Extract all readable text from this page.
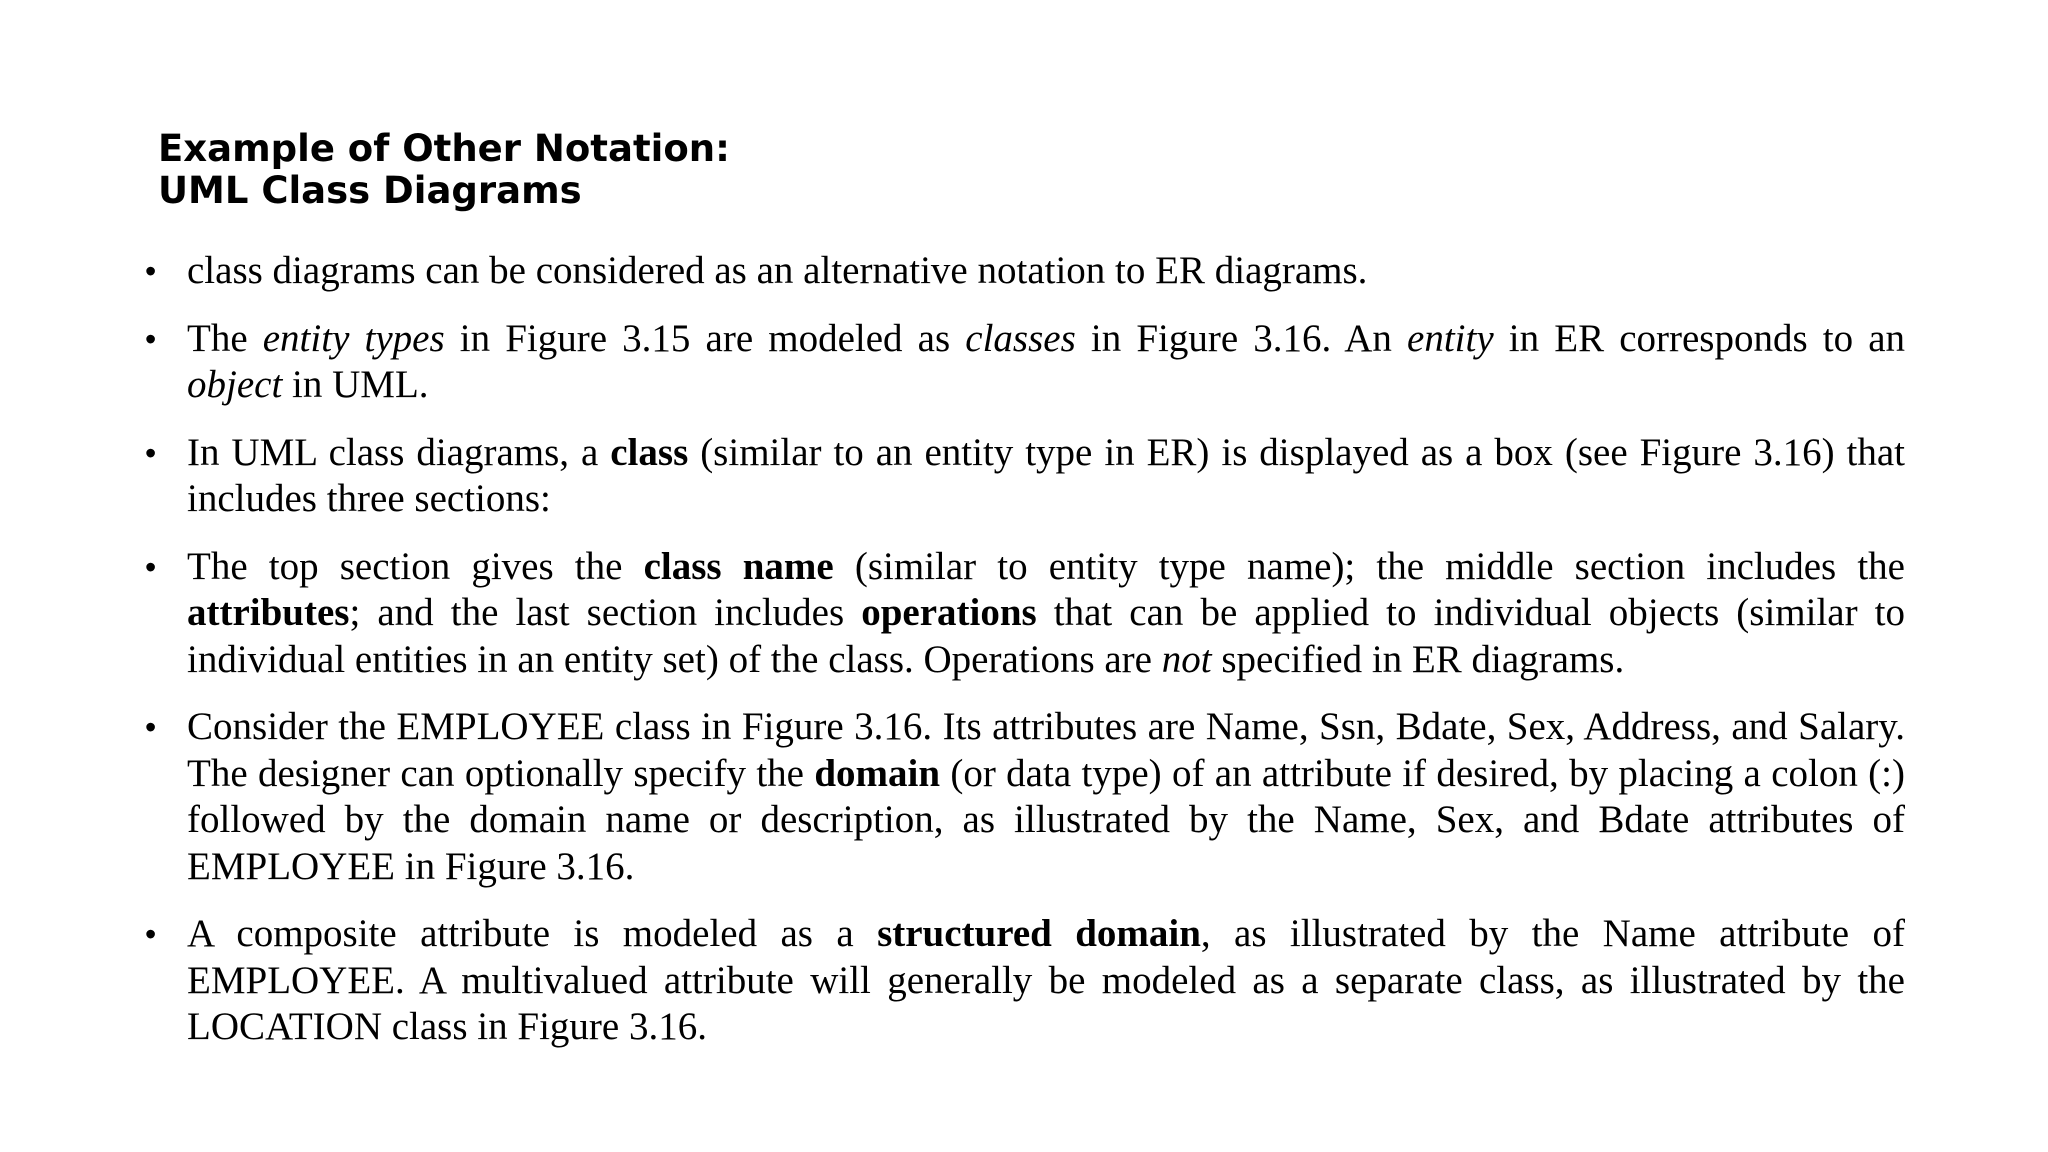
Example of Other Notation:
UML Class Diagrams
• class diagrams can be considered as an alternative notation to ER diagrams.
• The entity types in Figure 3.15 are modeled as classes in Figure 3.16. An entity in ER corresponds to an object in UML.
• In UML class diagrams, a class (similar to an entity type in ER) is displayed as a box (see Figure 3.16) that includes three sections:
• The top section gives the class name (similar to entity type name); the middle section includes the attributes; and the last section includes operations that can be applied to individual objects (similar to individual entities in an entity set) of the class. Operations are not specified in ER diagrams.
• Consider the EMPLOYEE class in Figure 3.16. Its attributes are Name, Ssn, Bdate, Sex, Address, and Salary. The designer can optionally specify the domain (or data type) of an attribute if desired, by placing a colon (:) followed by the domain name or description, as illustrated by the Name, Sex, and Bdate attributes of EMPLOYEE in Figure 3.16.
• A composite attribute is modeled as a structured domain, as illustrated by the Name attribute of EMPLOYEE. A multivalued attribute will generally be modeled as a separate class, as illustrated by the LOCATION class in Figure 3.16.
